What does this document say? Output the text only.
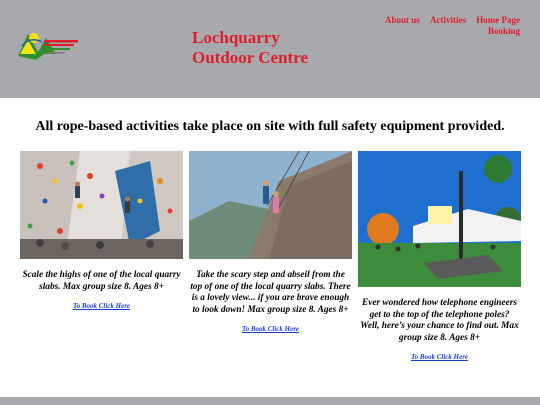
Lochquarry
Outdoor Centre
About us Activities Home Page
Booking
All rope-based activities take place on site with full safety equipment provided.

Scale the highs of one of the local quarry slabs. Max group size 8. Ages 8+

To Book Click Here

Take the scary step and abseil from the top of one of the local quarry slabs. There is a lovely view... if you are brave enough to look down! Max group size 8. Ages 8+

To Book Click Here

Ever wondered how telephone engineers get to the top of the telephone poles? Well, here’s your chance to find out. Max group size 8. Ages 8+

To Book Click Here
